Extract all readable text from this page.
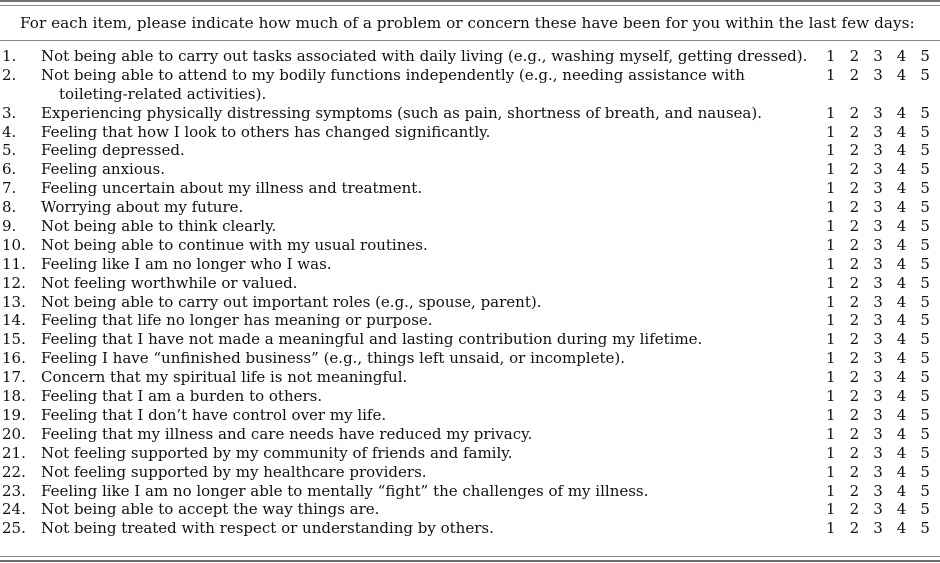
For each item, please indicate how much of a problem or concern these have been for you within the last few days:
1. Not being able to carry out tasks associated with daily living (e.g., washing myself, getting dressed).	1 2 3 4 5
2. Not being able to attend to my bodily functions independently (e.g., needing assistance with
toileting-related activities).
1 2 3 4 5
3. Experiencing physically distressing symptoms (such as pain, shortness of breath, and nausea).	1 2 3 4 5
4. Feeling that how I look to others has changed significantly.	1 2 3 4 5
5. Feeling depressed.	1 2 3 4 5
6. Feeling anxious.	1 2 3 4 5
7. Feeling uncertain about my illness and treatment.	1 2 3 4 5
8. Worrying about my future.	1 2 3 4 5
9. Not being able to think clearly.	1 2 3 4 5
10. Not being able to continue with my usual routines.	1 2 3 4 5
11. Feeling like I am no longer who I was.	1 2 3 4 5
12. Not feeling worthwhile or valued.	1 2 3 4 5
13. Not being able to carry out important roles (e.g., spouse, parent).	1 2 3 4 5
14. Feeling that life no longer has meaning or purpose.	1 2 3 4 5
15. Feeling that I have not made a meaningful and lasting contribution during my lifetime.	1 2 3 4 5
16. Feeling I have “unfinished business” (e.g., things left unsaid, or incomplete).	1 2 3 4 5
17. Concern that my spiritual life is not meaningful.	1 2 3 4 5
18. Feeling that I am a burden to others.	1 2 3 4 5
19. Feeling that I don’t have control over my life.	1 2 3 4 5
20. Feeling that my illness and care needs have reduced my privacy.	1 2 3 4 5
21. Not feeling supported by my community of friends and family.	1 2 3 4 5
22. Not feeling supported by my healthcare providers.	1 2 3 4 5
23. Feeling like I am no longer able to mentally “fight” the challenges of my illness.	1 2 3 4 5
24. Not being able to accept the way things are.	1 2 3 4 5
25. Not being treated with respect or understanding by others.	1 2 3 4 5
